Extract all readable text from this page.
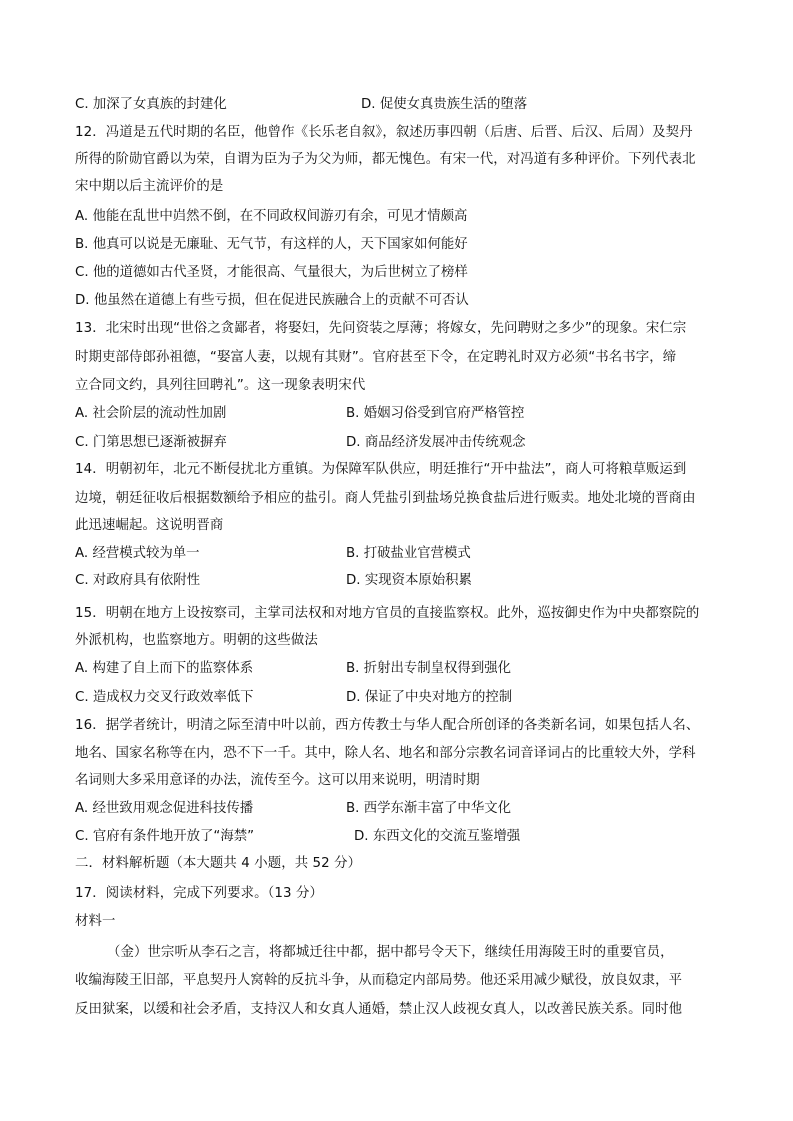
C. 加深了女真族的封建化	D. 促使女真贵族生活的堕落
12．冯道是五代时期的名臣，他曾作《长乐老自叙》，叙述历事四朝（后唐、后晋、后汉、后周）及契丹
所得的阶勋官爵以为荣，自谓为臣为子为父为师，都无愧色。有宋一代，对冯道有多种评价。下列代表北
宋中期以后主流评价的是
A. 他能在乱世中岿然不倒，在不同政权间游刃有余，可见才情颇高
B. 他真可以说是无廉耻、无气节，有这样的人，天下国家如何能好
C. 他的道德如古代圣贤，才能很高、气量很大，为后世树立了榜样
D. 他虽然在道德上有些亏损，但在促进民族融合上的贡献不可否认
13．北宋时出现“世俗之贪鄙者，将娶妇，先问资装之厚薄；将嫁女，先问聘财之多少”的现象。宋仁宗
时期吏部侍郎孙祖德，“娶富人妻，以规有其财”。官府甚至下令，在定聘礼时双方必须“书名书字，缔
立合同文约，具列往回聘礼”。这一现象表明宋代
A. 社会阶层的流动性加剧	B. 婚姻习俗受到官府严格管控
C. 门第思想已逐渐被摒弃	D. 商品经济发展冲击传统观念
14．明朝初年，北元不断侵扰北方重镇。为保障军队供应，明廷推行“开中盐法”，商人可将粮草贩运到
边境，朝廷征收后根据数额给予相应的盐引。商人凭盐引到盐场兑换食盐后进行贩卖。地处北境的晋商由
此迅速崛起。这说明晋商
A. 经营模式较为单一	B. 打破盐业官营模式
C. 对政府具有依附性	D. 实现资本原始积累
15．明朝在地方上设按察司，主掌司法权和对地方官员的直接监察权。此外，巡按御史作为中央都察院的
外派机构，也监察地方。明朝的这些做法
A. 构建了自上而下的监察体系	B. 折射出专制皇权得到强化
C. 造成权力交叉行政效率低下	D. 保证了中央对地方的控制
16．据学者统计，明清之际至清中叶以前，西方传教士与华人配合所创译的各类新名词，如果包括人名、
地名、国家名称等在内，恐不下一千。其中，除人名、地名和部分宗教名词音译词占的比重较大外，学科
名词则大多采用意译的办法，流传至今。这可以用来说明，明清时期
A. 经世致用观念促进科技传播	B. 西学东渐丰富了中华文化
C. 官府有条件地开放了“海禁”	D. 东西文化的交流互鉴增强
二．材料解析题（本大题共 4 小题，共 52 分）
17．阅读材料，完成下列要求。（13 分）
材料一
（金）世宗听从李石之言，将都城迁往中都，据中都号令天下，继续任用海陵王时的重要官员，
收编海陵王旧部，平息契丹人窝斡的反抗斗争，从而稳定内部局势。他还采用减少赋役，放良奴隶，平
反田狱案，以缓和社会矛盾，支持汉人和女真人通婚，禁止汉人歧视女真人，以改善民族关系。同时他
